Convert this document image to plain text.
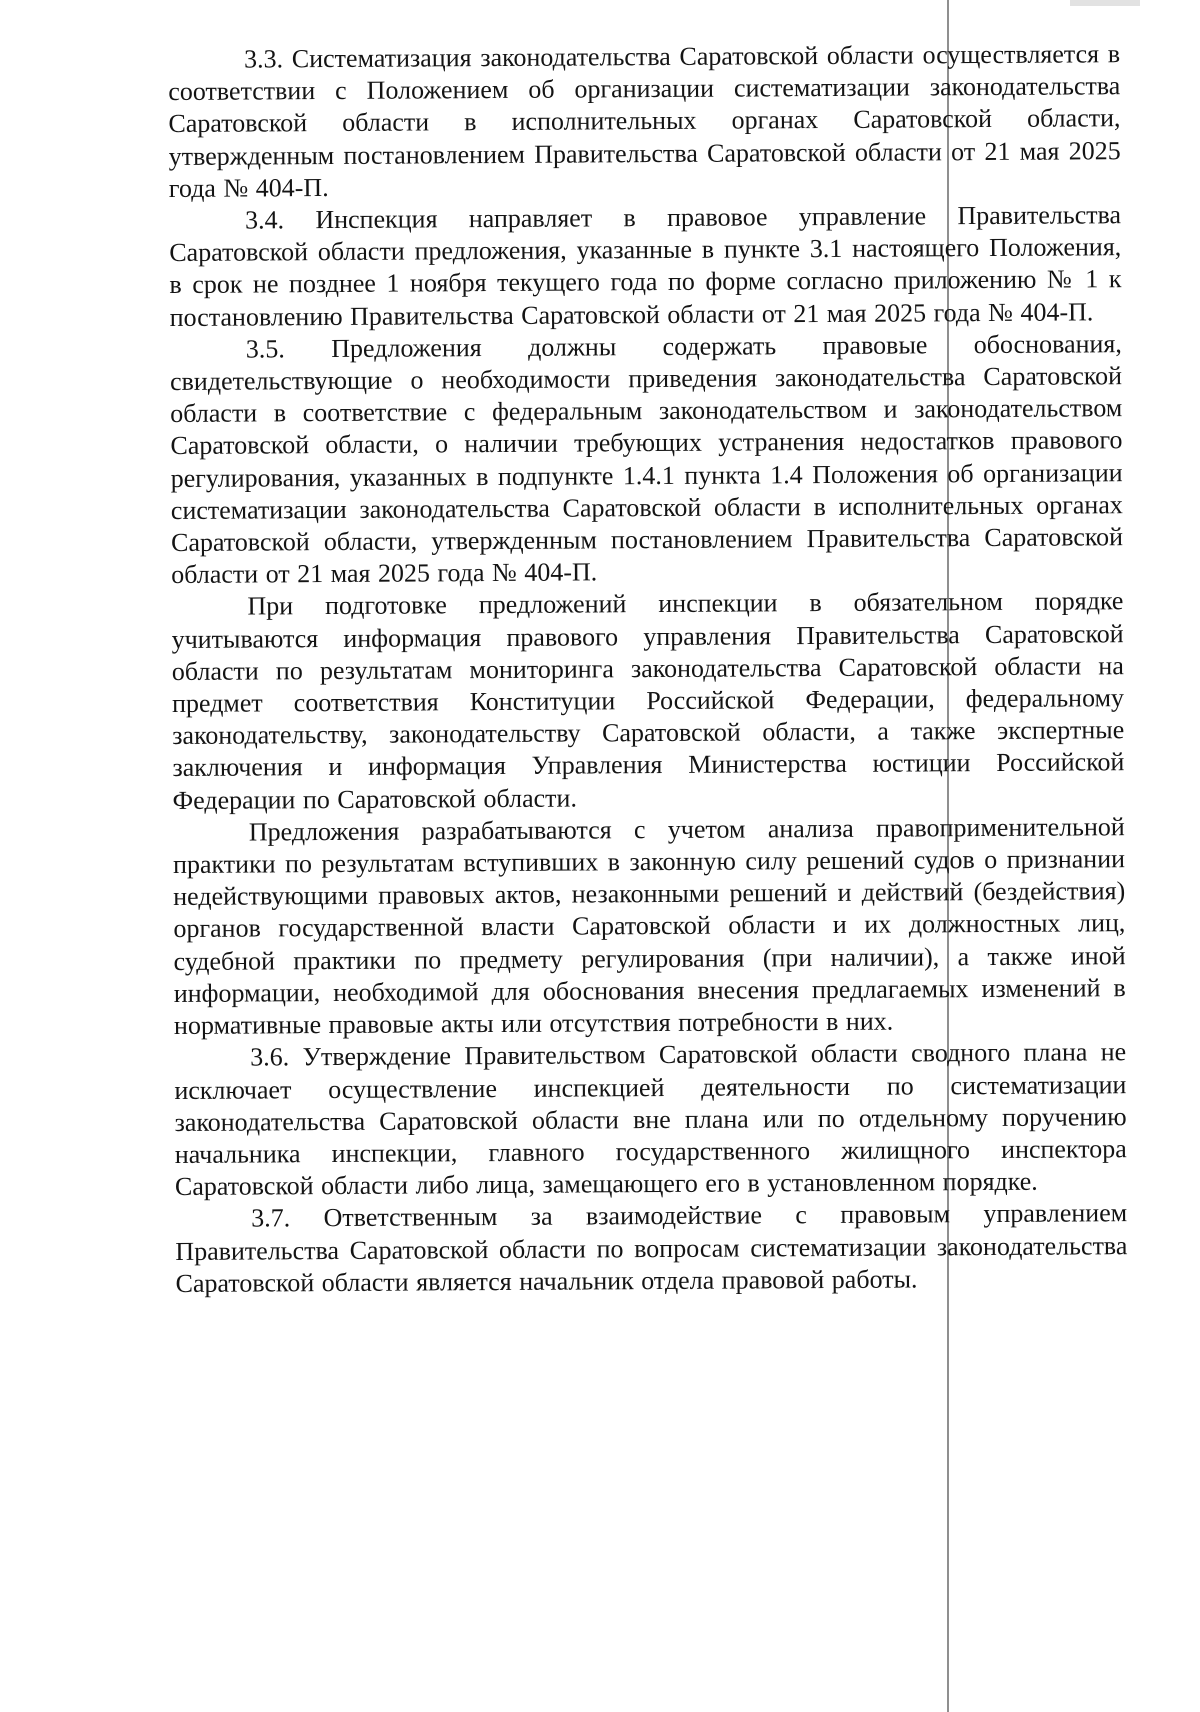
3.3. Систематизация законодательства Саратовской области осуществляется в соответствии с Положением об организации систематизации законодательства Саратовской области в исполнительных органах Саратовской области, утвержденным постановлением Правительства Саратовской области от 21 мая 2025 года № 404-П.

3.4. Инспекция направляет в правовое управление Правительства Саратовской области предложения, указанные в пункте 3.1 настоящего Положения, в срок не позднее 1 ноября текущего года по форме согласно приложению № 1 к постановлению Правительства Саратовской области от 21 мая 2025 года № 404-П.

3.5. Предложения должны содержать правовые обоснования, свидетельствующие о необходимости приведения законодательства Саратовской области в соответствие с федеральным законодательством и законодательством Саратовской области, о наличии требующих устранения недостатков правового регулирования, указанных в подпункте 1.4.1 пункта 1.4 Положения об организации систематизации законодательства Саратовской области в исполнительных органах Саратовской области, утвержденным постановлением Правительства Саратовской области от 21 мая 2025 года № 404-П.

При подготовке предложений инспекции в обязательном порядке учитываются информация правового управления Правительства Саратовской области по результатам мониторинга законодательства Саратовской области на предмет соответствия Конституции Российской Федерации, федеральному законодательству, законодательству Саратовской области, а также экспертные заключения и информация Управления Министерства юстиции Российской Федерации по Саратовской области.

Предложения разрабатываются с учетом анализа правоприменительной практики по результатам вступивших в законную силу решений судов о признании недействующими правовых актов, незаконными решений и действий (бездействия) органов государственной власти Саратовской области и их должностных лиц, судебной практики по предмету регулирования (при наличии), а также иной информации, необходимой для обоснования внесения предлагаемых изменений в нормативные правовые акты или отсутствия потребности в них.

3.6. Утверждение Правительством Саратовской области сводного плана не исключает осуществление инспекцией деятельности по систематизации законодательства Саратовской области вне плана или по отдельному поручению начальника инспекции, главного государственного жилищного инспектора Саратовской области либо лица, замещающего его в установленном порядке.

3.7. Ответственным за взаимодействие с правовым управлением Правительства Саратовской области по вопросам систематизации законодательства Саратовской области является начальник отдела правовой работы.
